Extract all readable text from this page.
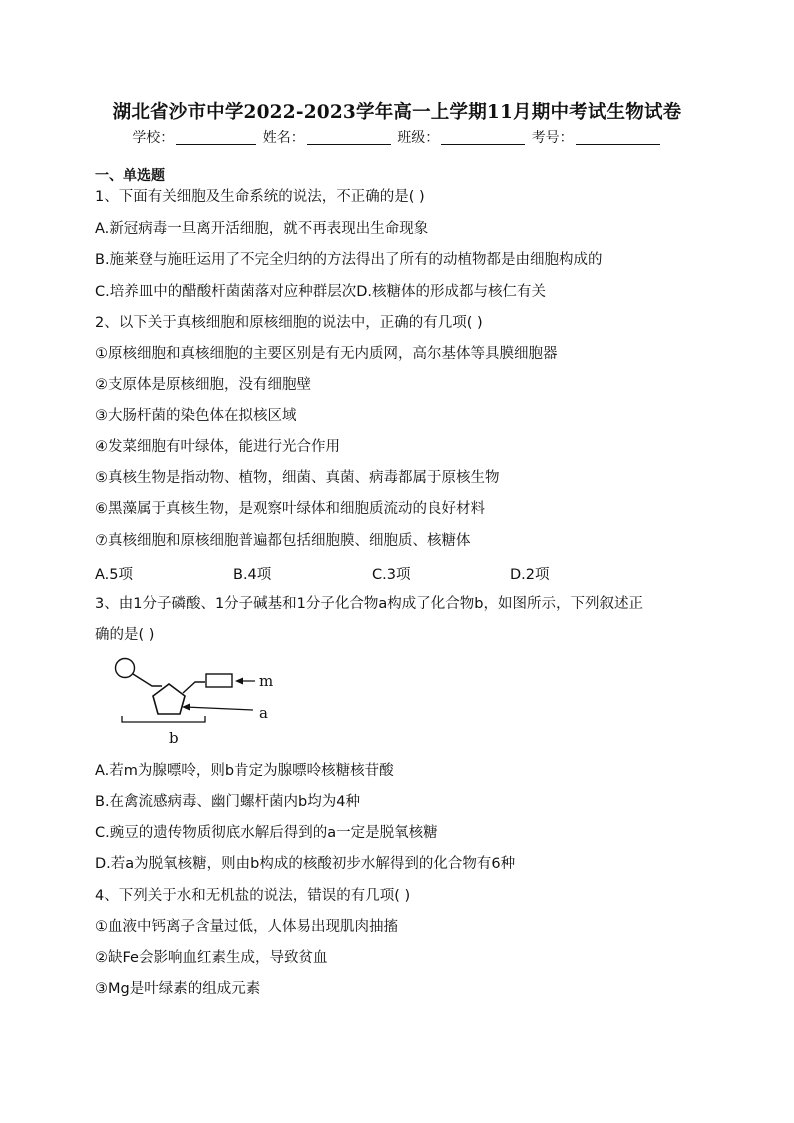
湖北省沙市中学2022-2023学年高一上学期11月期中考试生物试卷
学校：	姓名：	班级：	考号：
一、单选题
1、下面有关细胞及生命系统的说法，不正确的是( )
A.新冠病毒一旦离开活细胞，就不再表现出生命现象
B.施莱登与施旺运用了不完全归纳的方法得出了所有的动植物都是由细胞构成的
C.培养皿中的醋酸杆菌菌落对应种群层次D.核糖体的形成都与核仁有关
2、以下关于真核细胞和原核细胞的说法中，正确的有几项( )
①原核细胞和真核细胞的主要区别是有无内质网，高尔基体等具膜细胞器
②支原体是原核细胞，没有细胞壁
③大肠杆菌的染色体在拟核区域
④发菜细胞有叶绿体，能进行光合作用
⑤真核生物是指动物、植物，细菌、真菌、病毒都属于原核生物
⑥黑藻属于真核生物，是观察叶绿体和细胞质流动的良好材料
⑦真核细胞和原核细胞普遍都包括细胞膜、细胞质、核糖体
A.5项	B.4项	C.3项	D.2项
3、由1分子磷酸、1分子碱基和1分子化合物a构成了化合物b，如图所示，下列叙述正
确的是( )
m
a
b
A.若m为腺嘌呤，则b肯定为腺嘌呤核糖核苷酸
B.在禽流感病毒、幽门螺杆菌内b均为4种
C.豌豆的遗传物质彻底水解后得到的a一定是脱氧核糖
D.若a为脱氧核糖，则由b构成的核酸初步水解得到的化合物有6种
4、下列关于水和无机盐的说法，错误的有几项( )
①血液中钙离子含量过低，人体易出现肌肉抽搐
②缺Fe会影响血红素生成，导致贫血
③Mg是叶绿素的组成元素
